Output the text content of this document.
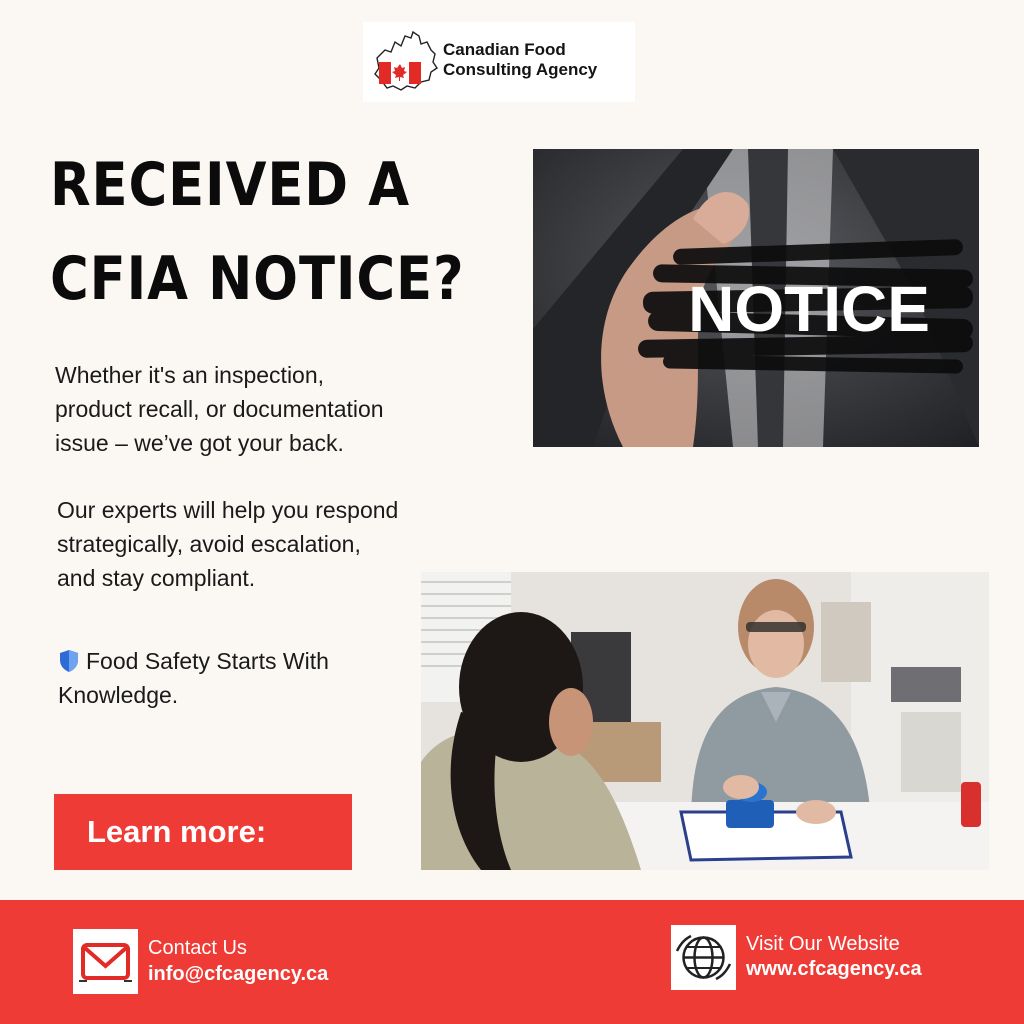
Canadian Food
Consulting Agency
RECEIVED A
CFIA NOTICE?
Whether it's an inspection,
product recall, or documentation
issue – we’ve got your back.
Our experts will help you respond
strategically, avoid escalation,
and stay compliant.
Food Safety Starts With
Knowledge.
Learn more:
NOTICE
Contact Us
info@cfcagency.ca
Visit Our Website
www.cfcagency.ca
